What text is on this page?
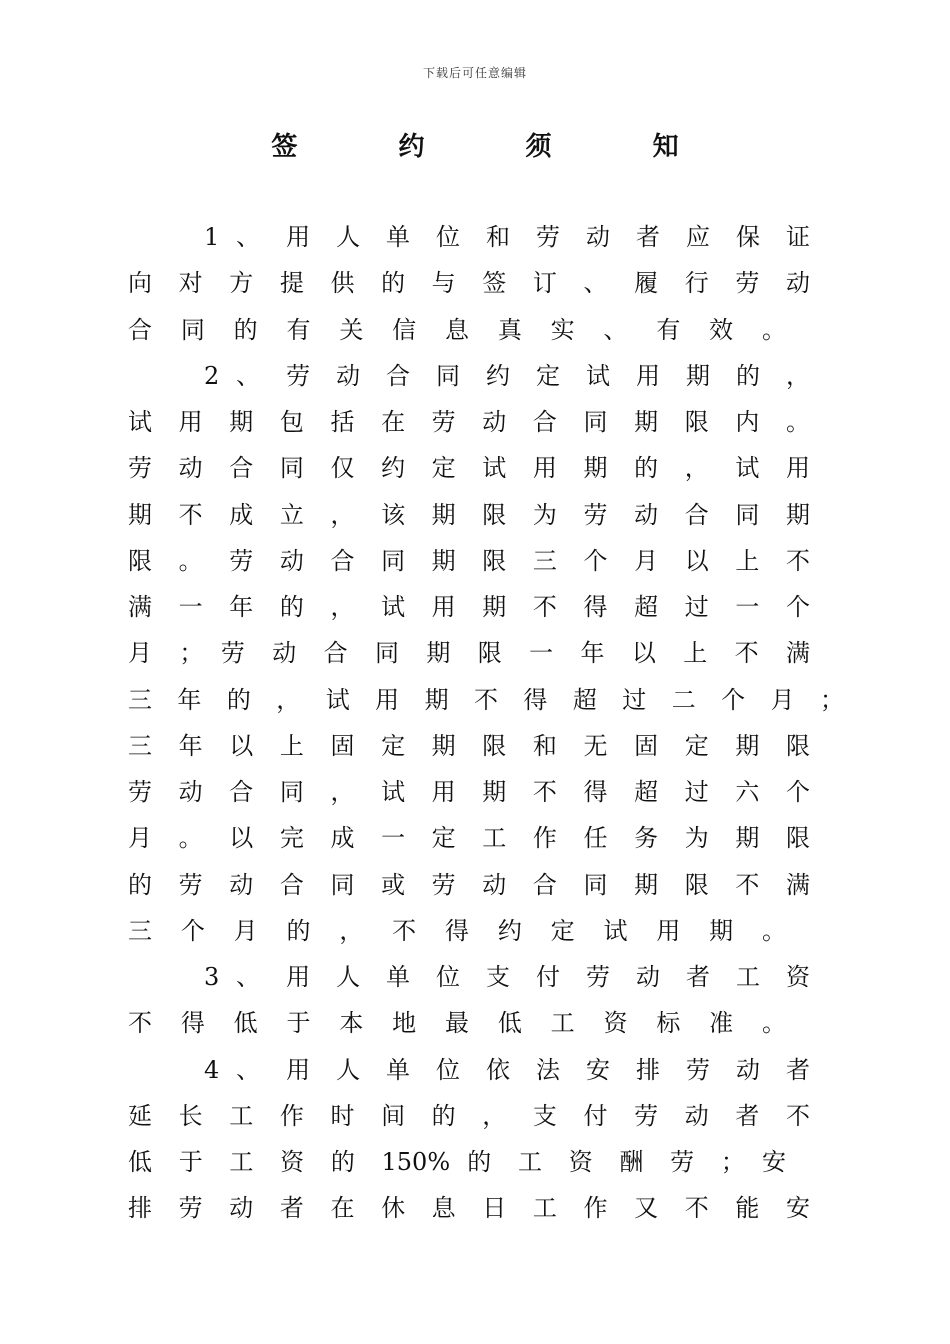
下载后可任意编辑
签 约 须 知
1 、 用 人 单 位 和 劳 动 者 应 保 证
向 对 方 提 供 的 与 签 订 、 履 行 劳 动
合 同 的 有 关 信 息 真 实 、 有 效 。
2 、 劳 动 合 同 约 定 试 用 期 的 ，
试 用 期 包 括 在 劳 动 合 同 期 限 内 。
劳 动 合 同 仅 约 定 试 用 期 的 ， 试 用
期 不 成 立 ， 该 期 限 为 劳 动 合 同 期
限 。 劳 动 合 同 期 限 三 个 月 以 上 不
满 一 年 的 ， 试 用 期 不 得 超 过 一 个
月 ； 劳 动 合 同 期 限 一 年 以 上 不 满
三 年 的 ， 试 用 期 不 得 超 过 二 个 月 ；
三 年 以 上 固 定 期 限 和 无 固 定 期 限
劳 动 合 同 ， 试 用 期 不 得 超 过 六 个
月 。 以 完 成 一 定 工 作 任 务 为 期 限
的 劳 动 合 同 或 劳 动 合 同 期 限 不 满
三 个 月 的 ， 不 得 约 定 试 用 期 。
3 、 用 人 单 位 支 付 劳 动 者 工 资
不 得 低 于 本 地 最 低 工 资 标 准 。
4 、 用 人 单 位 依 法 安 排 劳 动 者
延 长 工 作 时 间 的 ， 支 付 劳 动 者 不
低 于 工 资 的 150% 的 工 资 酬 劳 ； 安
排 劳 动 者 在 休 息 日 工 作 又 不 能 安
